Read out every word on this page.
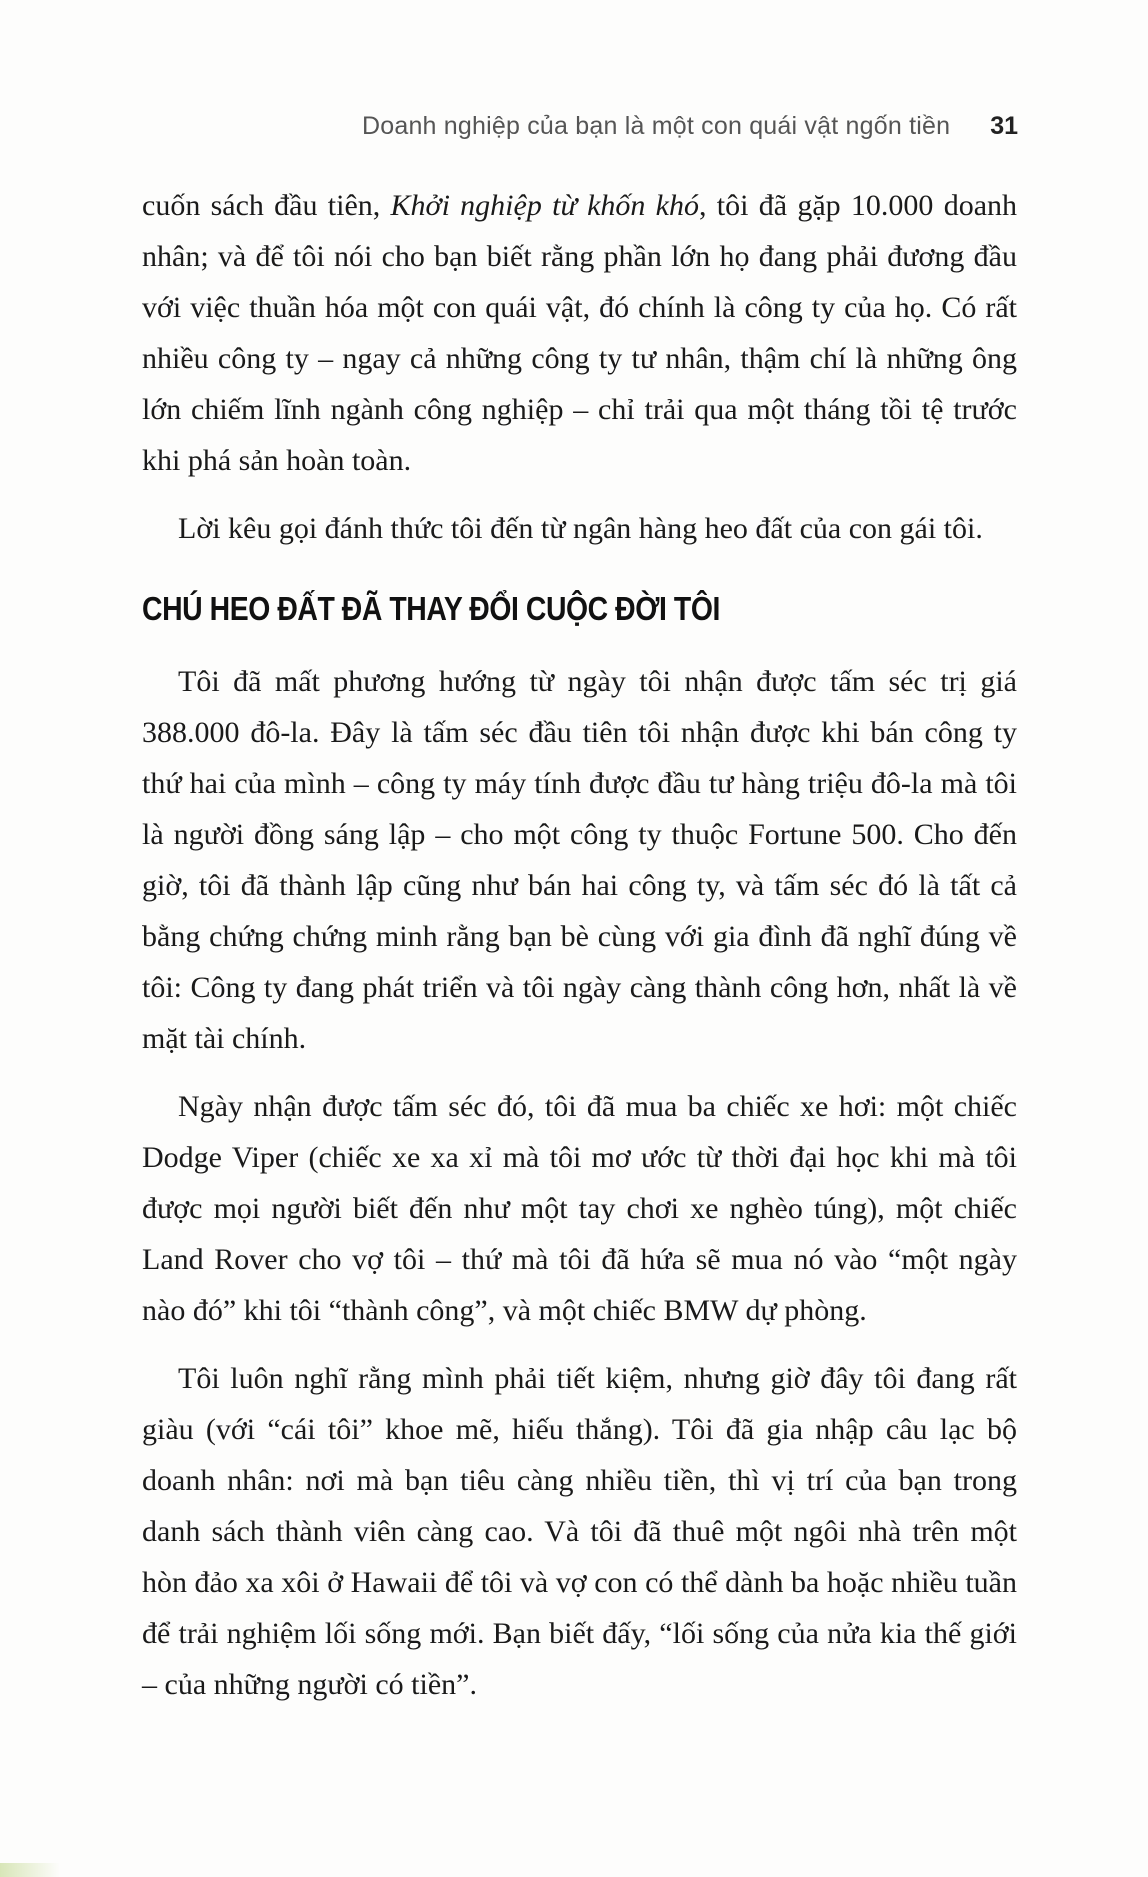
Doanh nghiệp của bạn là một con quái vật ngốn tiền 31

cuốn sách đầu tiên, Khởi nghiệp từ khốn khó, tôi đã gặp 10.000 doanh nhân; và để tôi nói cho bạn biết rằng phần lớn họ đang phải đương đầu với việc thuần hóa một con quái vật, đó chính là công ty của họ. Có rất nhiều công ty – ngay cả những công ty tư nhân, thậm chí là những ông lớn chiếm lĩnh ngành công nghiệp – chỉ trải qua một tháng tồi tệ trước khi phá sản hoàn toàn.

Lời kêu gọi đánh thức tôi đến từ ngân hàng heo đất của con gái tôi.

CHÚ HEO ĐẤT ĐÃ THAY ĐỔI CUỘC ĐỜI TÔI

Tôi đã mất phương hướng từ ngày tôi nhận được tấm séc trị giá 388.000 đô-la. Đây là tấm séc đầu tiên tôi nhận được khi bán công ty thứ hai của mình – công ty máy tính được đầu tư hàng triệu đô-la mà tôi là người đồng sáng lập – cho một công ty thuộc Fortune 500. Cho đến giờ, tôi đã thành lập cũng như bán hai công ty, và tấm séc đó là tất cả bằng chứng chứng minh rằng bạn bè cùng với gia đình đã nghĩ đúng về tôi: Công ty đang phát triển và tôi ngày càng thành công hơn, nhất là về mặt tài chính.

Ngày nhận được tấm séc đó, tôi đã mua ba chiếc xe hơi: một chiếc Dodge Viper (chiếc xe xa xỉ mà tôi mơ ước từ thời đại học khi mà tôi được mọi người biết đến như một tay chơi xe nghèo túng), một chiếc Land Rover cho vợ tôi – thứ mà tôi đã hứa sẽ mua nó vào “một ngày nào đó” khi tôi “thành công”, và một chiếc BMW dự phòng.

Tôi luôn nghĩ rằng mình phải tiết kiệm, nhưng giờ đây tôi đang rất giàu (với “cái tôi” khoe mẽ, hiếu thắng). Tôi đã gia nhập câu lạc bộ doanh nhân: nơi mà bạn tiêu càng nhiều tiền, thì vị trí của bạn trong danh sách thành viên càng cao. Và tôi đã thuê một ngôi nhà trên một hòn đảo xa xôi ở Hawaii để tôi và vợ con có thể dành ba hoặc nhiều tuần để trải nghiệm lối sống mới. Bạn biết đấy, “lối sống của nửa kia thế giới – của những người có tiền”.
